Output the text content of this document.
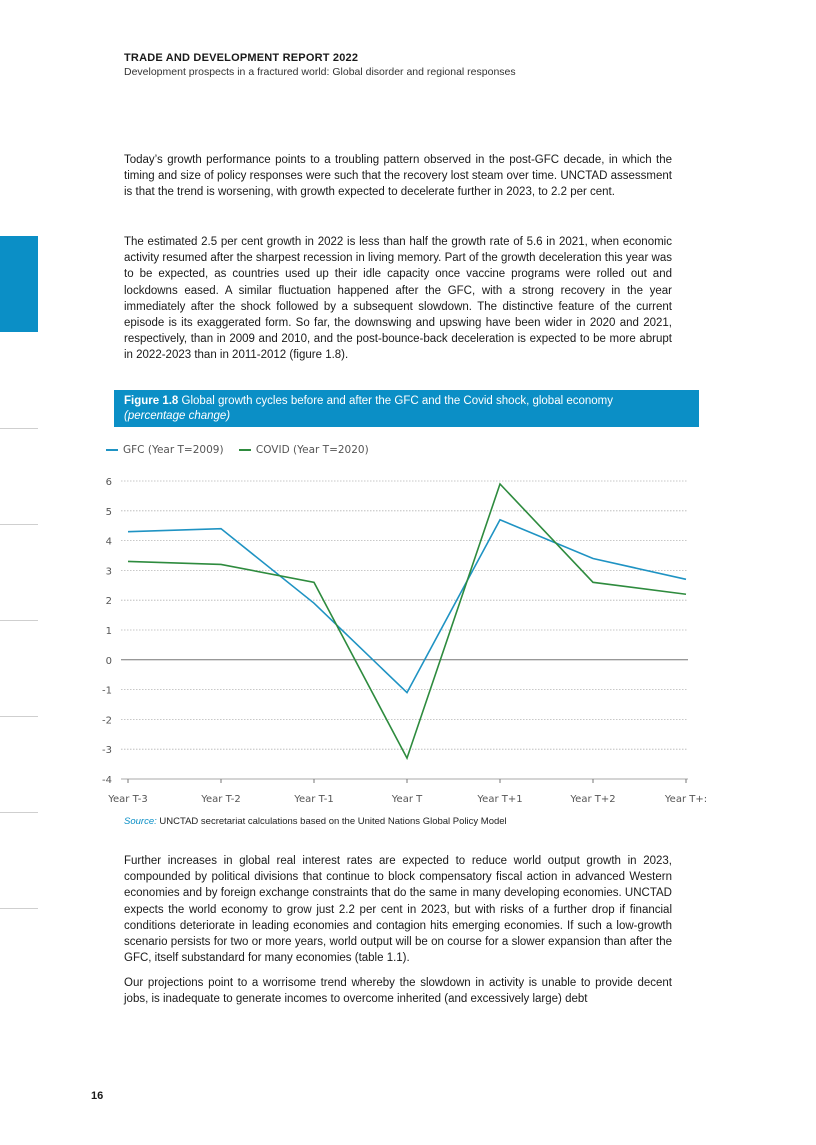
TRADE AND DEVELOPMENT REPORT 2022
Development prospects in a fractured world: Global disorder and regional responses

Today’s growth performance points to a troubling pattern observed in the post-GFC decade, in which the timing and size of policy responses were such that the recovery lost steam over time. UNCTAD assessment is that the trend is worsening, with growth expected to decelerate further in 2023, to 2.2 per cent.

The estimated 2.5 per cent growth in 2022 is less than half the growth rate of 5.6 in 2021, when economic activity resumed after the sharpest recession in living memory. Part of the growth deceleration this year was to be expected, as countries used up their idle capacity once vaccine programs were rolled out and lockdowns eased. A similar fluctuation happened after the GFC, with a strong recovery in the year immediately after the shock followed by a subsequent slowdown. The distinctive feature of the current episode is its exaggerated form. So far, the downswing and upswing have been wider in 2020 and 2021, respectively, than in 2009 and 2010, and the post-bounce-back deceleration is expected to be more abrupt in 2022-2023 than in 2011-2012 (figure 1.8).

Figure 1.8 Global growth cycles before and after the GFC and the Covid shock, global economy
(percentage change)
GFC (Year T=2009)	COVID (Year T=2020)
-4
-3
-2
-1
0
1
2
3
4
5
6
Year T-3	Year T-2	Year T-1	Year T	Year T+1	Year T+2	Year T+:
Source: UNCTAD secretariat calculations based on the United Nations Global Policy Model

Further increases in global real interest rates are expected to reduce world output growth in 2023, compounded by political divisions that continue to block compensatory fiscal action in advanced Western economies and by foreign exchange constraints that do the same in many developing economies. UNCTAD expects the world economy to grow just 2.2 per cent in 2023, but with risks of a further drop if financial conditions deteriorate in leading economies and contagion hits emerging economies. If such a low-growth scenario persists for two or more years, world output will be on course for a slower expansion than after the GFC, itself substandard for many economies (table 1.1).

Our projections point to a worrisome trend whereby the slowdown in activity is unable to provide decent jobs, is inadequate to generate incomes to overcome inherited (and excessively large) debt

16
